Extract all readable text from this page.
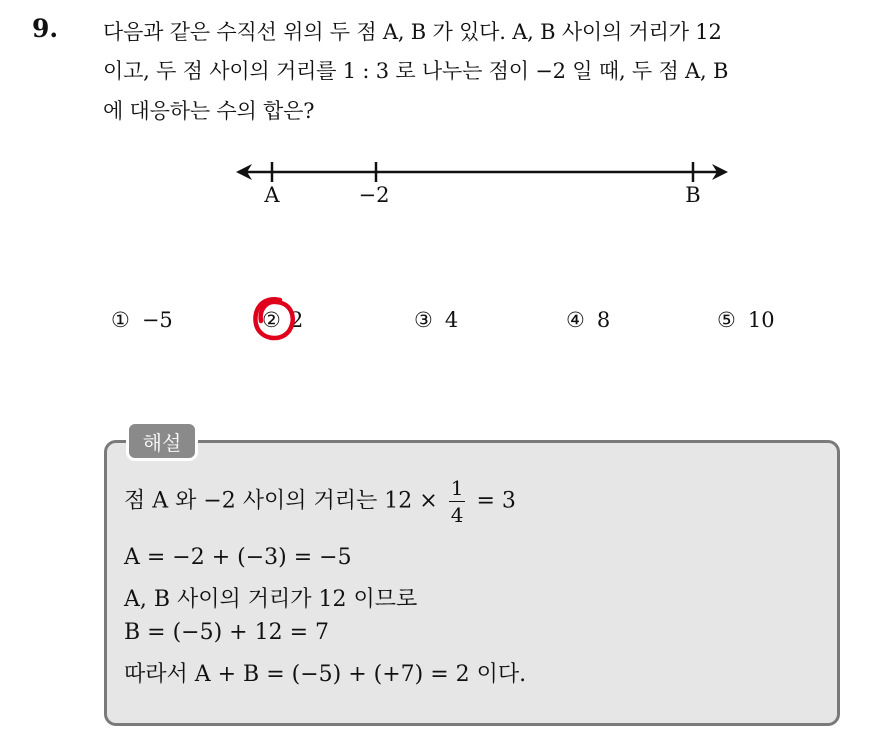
9. 다음과 같은 수직선 위의 두 점 A, B 가 있다. A, B 사이의 거리가 12
이고, 두 점 사이의 거리를 1 : 3 로 나누는 점이 −2 일 때, 두 점 A, B
에 대응하는 수의 합은?
A	−2	B
① −5	② 2	③ 4	④ 8	⑤ 10
해설
점 A 와 −2 사이의 거리는 $12 \times \frac{1}{4} = 3$
A = −2 + (−3) = −5
A, B 사이의 거리가 12 이므로
B = (−5) + 12 = 7
따라서 A + B = (−5) + (+7) = 2 이다.
